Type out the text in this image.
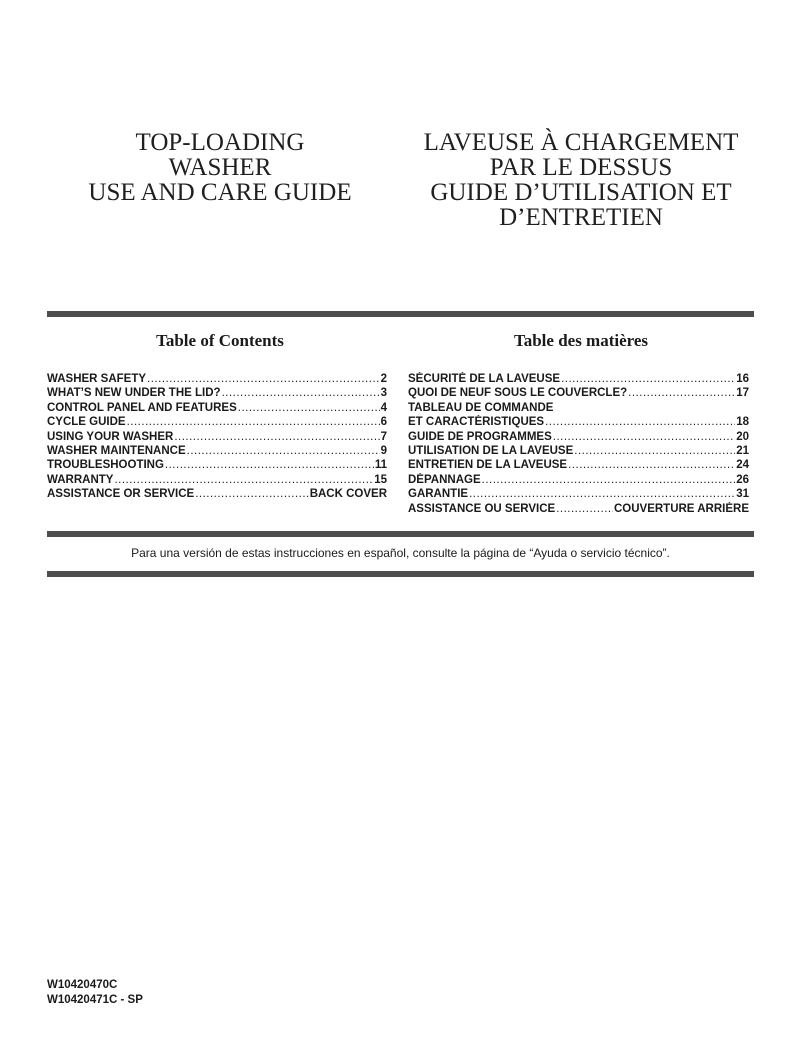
TOP-LOADING
WASHER
USE AND CARE GUIDE
LAVEUSE À CHARGEMENT
PAR LE DESSUS
GUIDE D’UTILISATION ET
D’ENTRETIEN
Table of Contents	Table des matières
WASHER SAFETY .....	2
WHAT’S NEW UNDER THE LID? .....	3
CONTROL PANEL AND FEATURES .....	4
CYCLE GUIDE .....	6
USING YOUR WASHER .....	7
WASHER MAINTENANCE .....	9
TROUBLESHOOTING .....	11
WARRANTY .....	15
ASSISTANCE OR SERVICE .....	BACK COVER
SÉCURITÉ DE LA LAVEUSE .....	16
QUOI DE NEUF SOUS LE COUVERCLE? .....	17
TABLEAU DE COMMANDE
ET CARACTÉRISTIQUES .....	18
GUIDE DE PROGRAMMES .....	20
UTILISATION DE LA LAVEUSE .....	21
ENTRETIEN DE LA LAVEUSE .....	24
DÉPANNAGE .....	26
GARANTIE .....	31
ASSISTANCE OU SERVICE .....	COUVERTURE ARRIÈRE
Para una versión de estas instrucciones en español, consulte la página de “Ayuda o servicio técnico”.
W10420470C
W10420471C - SP
